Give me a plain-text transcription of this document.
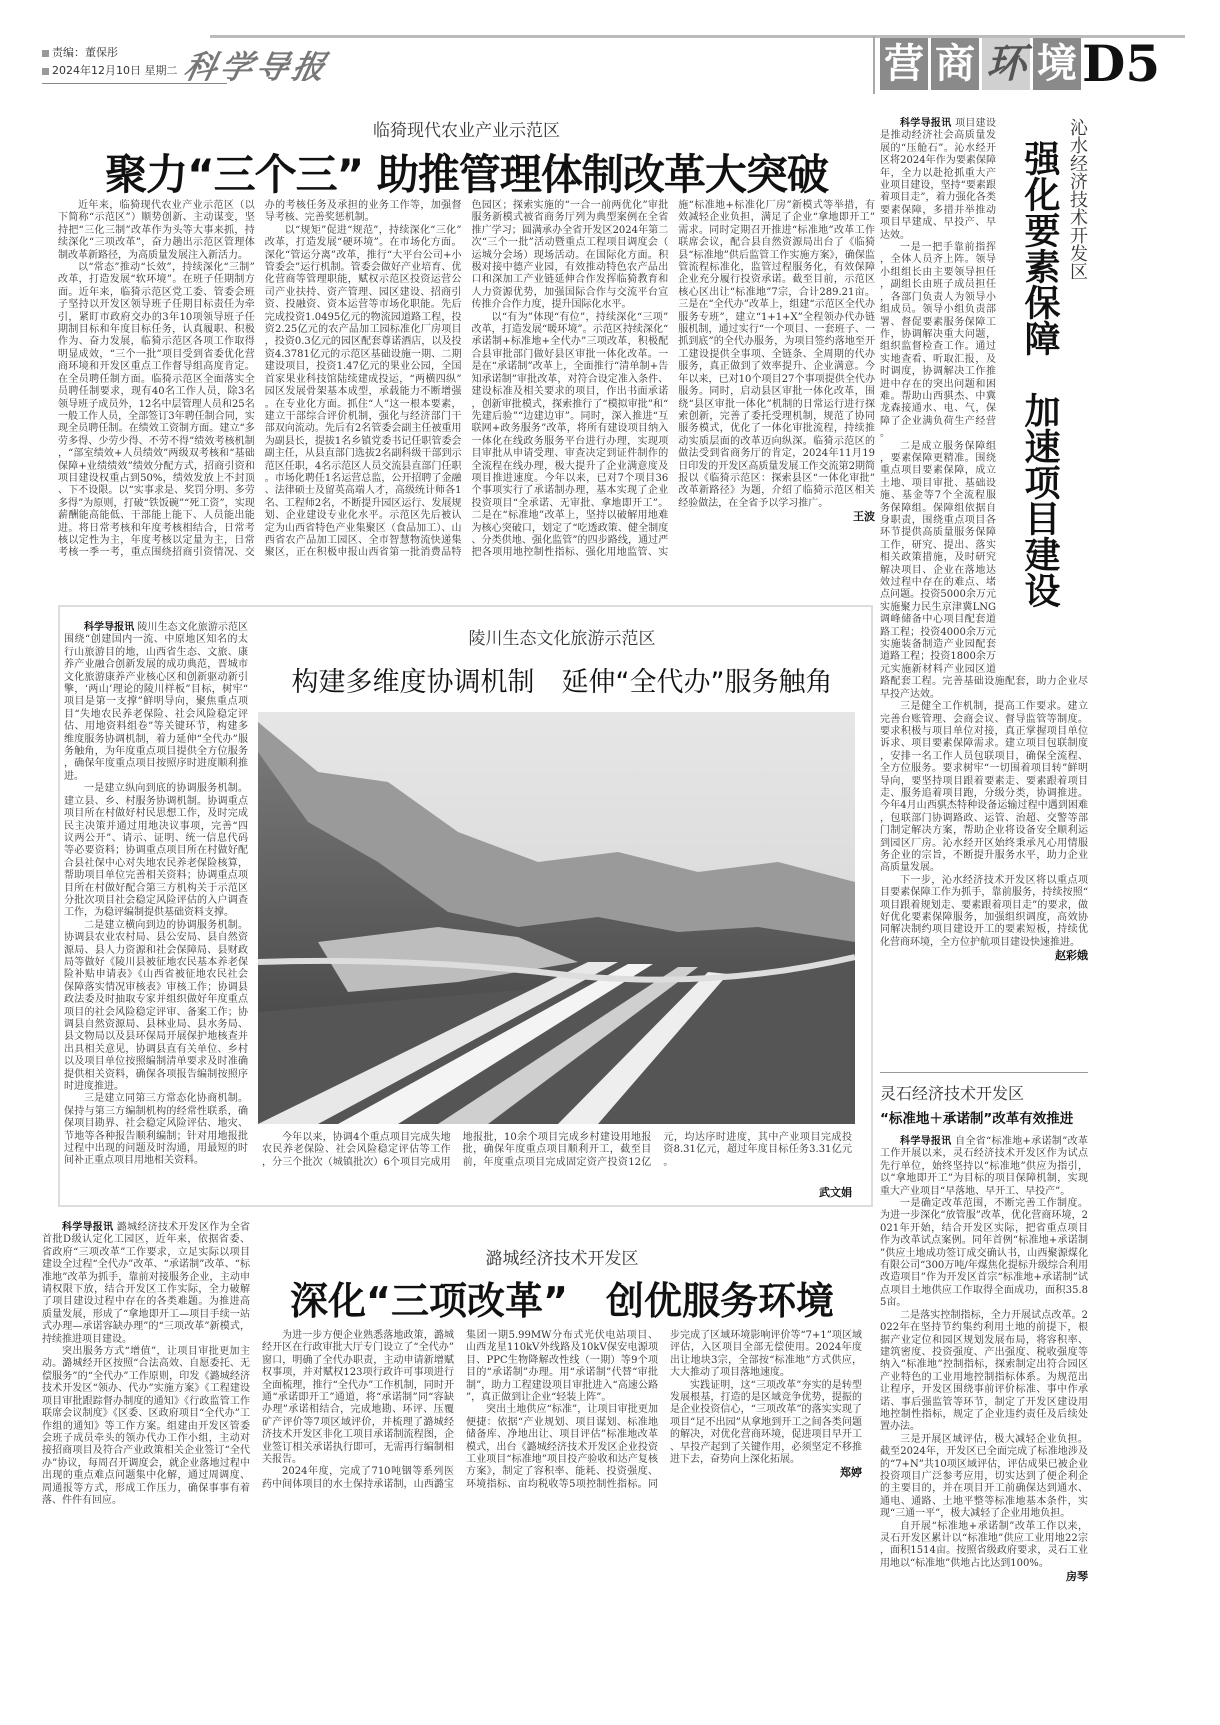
责编：董保彤
2024年12月10日 星期二 科学导报	营 商 环 境 D5
临猗现代农业产业示范区
聚力“三个三” 助推管理体制改革大突破

近年来，临猗现代农业产业示范区（以下简称“示范区”）顺势创新、主动谋变，坚持把“三化三制”改革作为头等大事来抓，持续深化“三项改革”，奋力趟出示范区管理体制改革新路径，为高质量发展注入新活力。

以“常态”推动“长效”，持续深化“三制”改革，打造发展“软环境”。在班子任期制方面。近年来，临猗示范区党工委、管委会班子坚持以开发区领导班子任期目标责任为牵引，紧盯市政府交办的3年10项领导班子任期制目标和年度目标任务，认真履职、积极作为、奋力发展，临猗示范区各项工作取得明显成效，“三个一批”项目受到省委优化营商环境和开发区重点工作督导组高度肯定。在全员聘任制方面。临猗示范区全面落实全员聘任制要求，现有40名工作人员，除3名领导班子成员外，12名中层管理人员和25名一般工作人员，全部签订3年聘任制合同，实现全员聘任制。在绩效工资制方面。建立“多劳多得、少劳少得、不劳不得”绩效考核机制，“部室绩效+人员绩效”两级双考核和“基础保障+业绩绩效”绩效分配方式，招商引资和项目建设权重占到50%，绩效发放上不封顶、下不设限。以“实事求是、奖罚分明、多劳多得”为原则，打破“铁饭碗”“死工资”，实现薪酬能高能低、干部能上能下、人员能出能进。将日常考核和年度考核相结合，日常考核以定性为主，年度考核以定量为主，日常考核一季一考，重点围绕招商引资情况、交办的考核任务及承担的业务工作等，加强督导考核、完善奖惩机制。

以“规矩”促进“规范”，持续深化“三化”改革，打造发展“硬环境”。在市场化方面。深化“管运分离”改革，推行“大平台公司+小管委会”运行机制。管委会做好产业培育、优化营商等管理职能，赋权示范区投资运营公司产业扶持、资产管理、园区建设、招商引资、投融资、资本运营等市场化职能。先后完成投资1.0495亿元的物流园道路工程，投资2.25亿元的农产品加工园标准化厂房项目，投资0.3亿元的园区配套尊诺酒店，以及投资4.3781亿元的示范区基础设施一期、二期建设项目，投资1.47亿元的果业公园，全国首家果业科技馆陆续建成投运，“两横四纵”园区发展骨架基本成型，承载能力不断增强。在专业化方面。抓住“人”这一根本要素，建立干部综合评价机制，强化与经济部门干部双向流动。先后有2名管委会副主任被重用为副县长，提拔1名乡镇党委书记任职管委会副主任，从县直部门选拔2名副科级干部到示范区任职，4名示范区人员交流县直部门任职。市场化聘任1名运营总监，公开招聘了金融、法律硕士及留英高端人才，高级统计师各1名、工程师2名，不断提升园区运行、发展规划、企业建设专业化水平。示范区先后被认定为山西省特色产业集聚区（食品加工）、山西省农产品加工园区、全市智慧物流快递集聚区，正在积极申报山西省第一批消费品特色园区；探索实施的“一合一前两优化”审批服务新模式被省商务厅列为典型案例在全省推广学习；圆满承办全省开发区2024年第二次“三个一批”活动暨重点工程项目调度会（运城分会场）现场活动。在国际化方面。积极对接中德产业园，有效推动特色农产品出口和深加工产业链延伸合作发挥临猗教育和人力资源优势，加强国际合作与交流平台宣传推介合作力度，提升国际化水平。

以“有为”体现“有位”，持续深化“三项”改革，打造发展“暖环境”。示范区持续深化“承诺制+标准地+全代办”三项改革，积极配合县审批部门做好县区审批一体化改革。一是在“承诺制”改革上，全面推行“清单制+告知承诺制”审批改革，对符合设定准入条件、建设标准及相关要求的项目，作出书面承诺，创新审批模式，探索推行了“模拟审批”和“先建后验”“边建边审”。同时，深入推进“互联网+政务服务”改革，将所有建设项目纳入一体化在线政务服务平台进行办理，实现项目审批从申请受理、审查决定到证件制作的全流程在线办理，极大提升了企业满意度及项目推进速度。今年以来，已对7个项目36个事项实行了承诺制办理，基本实现了企业投资项目“全承诺、无审批、拿地即开工”。二是在“标准地”改革上，坚持以破解用地难为核心突破口，划定了“吃透政策、健全制度、分类供地、强化监管”的四步路线，通过严把各项用地控制性指标、强化用地监管、实施“标准地+标准化厂房”新模式等举措，有效减轻企业负担，满足了企业“拿地即开工”需求。同时定期召开推进“标准地”改革工作联席会议，配合县自然资源局出台了《临猗县“标准地”供后监管工作实施方案》，确保监管流程标准化，监管过程服务化，有效保障企业充分履行投资承诺。截至目前，示范区核心区出让“标准地”7宗，合计289.21亩。三是在“全代办”改革上，组建“示范区全代办服务专班”，建立“1+1+X”全程领办代办链服机制，通过实行“一个项目、一套班子、一抓到底”的全代办服务，为项目签约落地至开工建设提供全事项、全链条、全周期的代办服务，真正做到了效率提升、企业满意。今年以来，已对10个项目27个事项提供全代办服务。同时，启动县区审批一体化改革，围绕“县区审批一体化”机制的日常运行进行探索创新，完善了委托受理机制，规范了协同服务模式，优化了一体化审批流程，持续推动实质层面的改革迈向纵深。临猗示范区的做法受到省商务厅的肯定，2024年11月19日印发的开发区高质量发展工作交流第2期简报以《临猗示范区：探索县区“一体化审批”改革新路径》为题，介绍了临猗示范区相关经验做法，在全省予以学习推广。

王波
沁水经济技术开发区
强化要素保障　加速项目建设

科学导报讯 项目建设是推动经济社会高质量发展的“压舱石”。沁水经开区将2024年作为要素保障年，全力以赴抢抓重大产业项目建设，坚持“要素跟着项目走”，着力强化各类要素保障，多措并举推动项目早建成、早投产、早达效。

一是一把手靠前指挥，全体人员齐上阵。领导小组组长由主要领导担任，副组长由班子成员担任，各部门负责人为领导小组成员。领导小组负责部署、督促要素服务保障工作，协调解决重大问题，组织监督检查工作。通过实地查看、听取汇报，及时调度，协调解决工作推进中存在的突出问题和困难。帮助山西骐杰、中冀龙森接通水、电、气，保障了企业满负荷生产经营。

二是成立服务保障组，要素保障更精准。围绕重点项目要素保障，成立土地、项目审批、基础设施、基金等7个全流程服务保障组。保障组依据自身职责，围绕重点项目各环节提供高质量服务保障工作，研究、提出、落实相关政策措施，及时研究解决项目、企业在落地达效过程中存在的难点、堵点问题。投资5000余万元实施聚力民生京津冀LNG调峰储备中心项目配套道路工程；投资4000余万元实施装备制造产业园配套道路工程；投资1800余万元实施新材料产业园区道路配套工程。完善基础设施配套，助力企业尽早投产达效。

三是健全工作机制，提高工作要求。建立完善台账管理、会商会议、督导监管等制度。要求积极与项目单位对接，真正掌握项目单位诉求、项目要素保障需求。建立项目包联制度，安排一名工作人员包联项目，确保全流程、全方位服务。要求树牢“一切围着项目转”鲜明导向，要坚持项目跟着要素走、要素跟着项目走、服务追着项目跑，分级分类，协调推进。今年4月山西骐杰特种设备运输过程中遇到困难，包联部门协调路政、运管、治超、交警等部门制定解决方案，帮助企业将设备安全顺利运到园区厂房。沁水经开区始终秉承凡心用情服务企业的宗旨，不断提升服务水平，助力企业高质量发展。

下一步，沁水经济技术开发区将以重点项目要素保障工作为抓手，靠前服务，持续按照“项目跟着规划走、要素跟着项目走”的要求，做好优化要素保障服务，加强组织调度，高效协同解决制约项目建设开工的要素短板，持续优化营商环境，全方位护航项目建设快速推进。

赵彩娥

科学导报讯 陵川生态文化旅游示范区围绕“创建国内一流、中原地区知名的太行山旅游目的地，山西省生态、文旅、康养产业融合创新发展的成功典范，晋城市文化旅游康养产业核心区和创新驱动新引擎，‘两山’理论的陵川样板”目标，树牢“项目是第一支撑”鲜明导向，聚焦重点项目“失地农民养老保险、社会风险稳定评估、用地资料组卷”等关键环节，构建多维度服务协调机制，着力延伸“全代办”服务触角，为年度重点项目提供全方位服务，确保年度重点项目按照序时进度顺利推进。

一是建立纵向到底的协调服务机制。建立县、乡、村服务协调机制。协调重点项目所在村做好村民思想工作，及时完成民主决策并通过用地决议事项，完善“四议两公开”、请示、证明、统一信息代码等必要资料；协调重点项目所在村做好配合县社保中心对失地农民养老保险核算，帮助项目单位完善相关资料；协调重点项目所在村做好配合第三方机构关于示范区分批次项目社会稳定风险评估的入户调查工作，为稳评编制提供基础资料支撑。

二是建立横向到边的协调服务机制。协调县农业农村局、县公安局、县自然资源局、县人力资源和社会保障局、县财政局等做好《陵川县被征地农民基本养老保险补贴申请表》《山西省被征地农民社会保障落实情况审核表》审核工作；协调县政法委及时抽取专家并组织做好年度重点项目的社会风险稳定评审、备案工作；协调县自然资源局、县林业局、县水务局、县文物局以及县环保局开展保护地核查并出具相关意见，协调县直有关单位、乡村以及项目单位按照编制清单要求及时准确提供相关资料，确保各项报告编制按照序时进度推进。

三是建立同第三方常态化协商机制。保持与第三方编制机构的经常性联系，确保项目勘界、社会稳定风险评估、地灾、节地等各种报告顺利编制；针对用地报批过程中出现的问题及时沟通，用最短的时间补正重点项目用地相关资料。

陵川生态文化旅游示范区
构建多维度协调机制　延伸“全代办”服务触角

今年以来，协调4个重点项目完成失地农民养老保险、社会风险稳定评估等工作，分三个批次（城镇批次）6个项目完成用地报批，10余个项目完成乡村建设用地报批，确保年度重点项目顺利开工，截至目前，年度重点项目完成固定资产投资12亿元，均达序时进度，其中产业项目完成投资8.31亿元，超过年度目标任务3.31亿元。

武文娟
灵石经济技术开发区
“标准地＋承诺制”改革有效推进

科学导报讯 自全省“标准地+承诺制”改革工作开展以来，灵石经济技术开发区作为试点先行单位，始终坚持以“标准地”供应为指引，以“拿地即开工”为目标的项目保障机制，实现重大产业项目“早落地、早开工、早投产”。

一是确定改革范围，不断完善工作制度。为进一步深化“放管服”改革，优化营商环境，2021年开始，结合开发区实际，把省重点项目作为改革试点案例。同年首例“标准地+承诺制”供应土地成功签订成交确认书，山西聚源煤化有限公司“300万吨/年煤焦化提标升级综合利用改造项目”作为开发区首宗“标准地+承诺制”试点项目土地供应工作取得全面成功，面积35.85亩。

二是落实控制指标，全力开展试点改革。2022年在坚持节约集约利用土地的前提下，根据产业定位和园区规划发展布局，将容积率、建筑密度、投资强度、产出强度、税收强度等纳入“标准地”控制指标，探索制定出符合园区产业特色的工业用地控制指标体系。为规范出让程序，开发区围绕事前评价标准、事中作承诺、事后强监管等环节，制定了开发区建设用地控制性指标，规定了企业违约责任及后续处置办法。

三是开展区域评估，极大减轻企业负担。截至2024年，开发区已全面完成了标准地涉及的“7+N”共10项区域评估，评估成果已被企业投资项目广泛参考应用，切实达到了便企利企的主要目的，并在项目开工前确保达到通水、通电、通路、土地平整等标准地基本条件，实现“三通一平”，极大减轻了企业用地负担。

自开展“标准地+承诺制”改革工作以来，灵石开发区累计以“标准地”供应工业用地22宗，面积1514亩。按照省级政府要求，灵石工业用地以“标准地”供地占比达到100%。

房琴

科学导报讯 潞城经济技术开发区作为全省首批D级认定化工园区，近年来，依据省委、省政府“三项改革”工作要求，立足实际以项目建设全过程“全代办”改革、“承诺制”改革、“标准地”改革为抓手，靠前对接服务企业，主动申请权限下放，结合开发区工作实际，全力破解了项目建设过程中存在的各类难题。为推进高质量发展，形成了“拿地即开工—项目手续一站式办理—承诺容缺办理”的“三项改革”新模式，持续推进项目建设。

突出服务方式“增值”，让项目审批更加主动。潞城经开区按照“合法高效、自愿委托、无偿服务”的“全代办”工作原则，印发《潞城经济技术开发区“领办、代办”实施方案》《工程建设项目审批跟踪督办制度的通知》《行政监管工作联席会议制度》《区委、区政府项目“全代办”工作组的通知》等工作方案。组建由开发区管委会班子成员牵头的领办代办工作小组，主动对接招商项目及符合产业政策相关企业签订“全代办”协议，每周召开调度会，就企业落地过程中出现的重点难点问题集中化解，通过周调度、周通报等方式，形成工作压力，确保事事有着落、件件有回应。

潞城经济技术开发区
深化“三项改革”　创优服务环境

为进一步方便企业熟悉落地政策，潞城经开区在行政审批大厅专门设立了“全代办”窗口，明确了全代办职责，主动申请新增赋权事项，并对赋权123项行政许可事项进行全面梳理，推行“全代办”工作机制，同时开通“承诺即开工”通道，将“承诺制”同“容缺办理”承诺相结合，完成地勘、环评、压覆矿产评价等7项区域评价，并梳理了潞城经济技术开发区非化工项目承诺制流程图，企业签订相关承诺执行即可，无需再行编制相关报告。

2024年度，完成了710吨铟等系列医药中间体项目的水土保持承诺制，山西潞宝集团一期5.99MW分布式光伏电站项目、山西龙星110kV外线路及10kV保安电源项目、PPC生物降解改性线（一期）等9个项目的“承诺制”办理。用“承诺制”代替“审批制”，助力工程建设项目审批进入“高速公路”，真正做到让企业“轻装上阵”。

突出土地供应“标准”，让项目审批更加便捷：依据“产业规划、项目谋划、标准地储备库、净地出让、项目评估”标准地改革模式，出台《潞城经济技术开发区企业投资工业项目“标准地”项目投产验收和达产复核方案》，制定了容积率、能耗、投资强度、环境指标、亩均税收等5项控制性指标。同步完成了区域环境影响评价等“7+1”项区域评估，入区项目全部无偿使用。2024年度出让地块3宗，全部按“标准地”方式供应，大大推动了项目落地速度。

实践证明，这“三项改革”夯实的是转型发展根基，打造的是区域竞争优势，提振的是企业投资信心，“三项改革”的落实实现了项目“足不出园”从拿地到开工之间各类问题的解决，对优化营商环境，促进项目早开工、早投产起到了关键作用，必须坚定不移推进下去，奋势向上深化拓展。

郑婷
